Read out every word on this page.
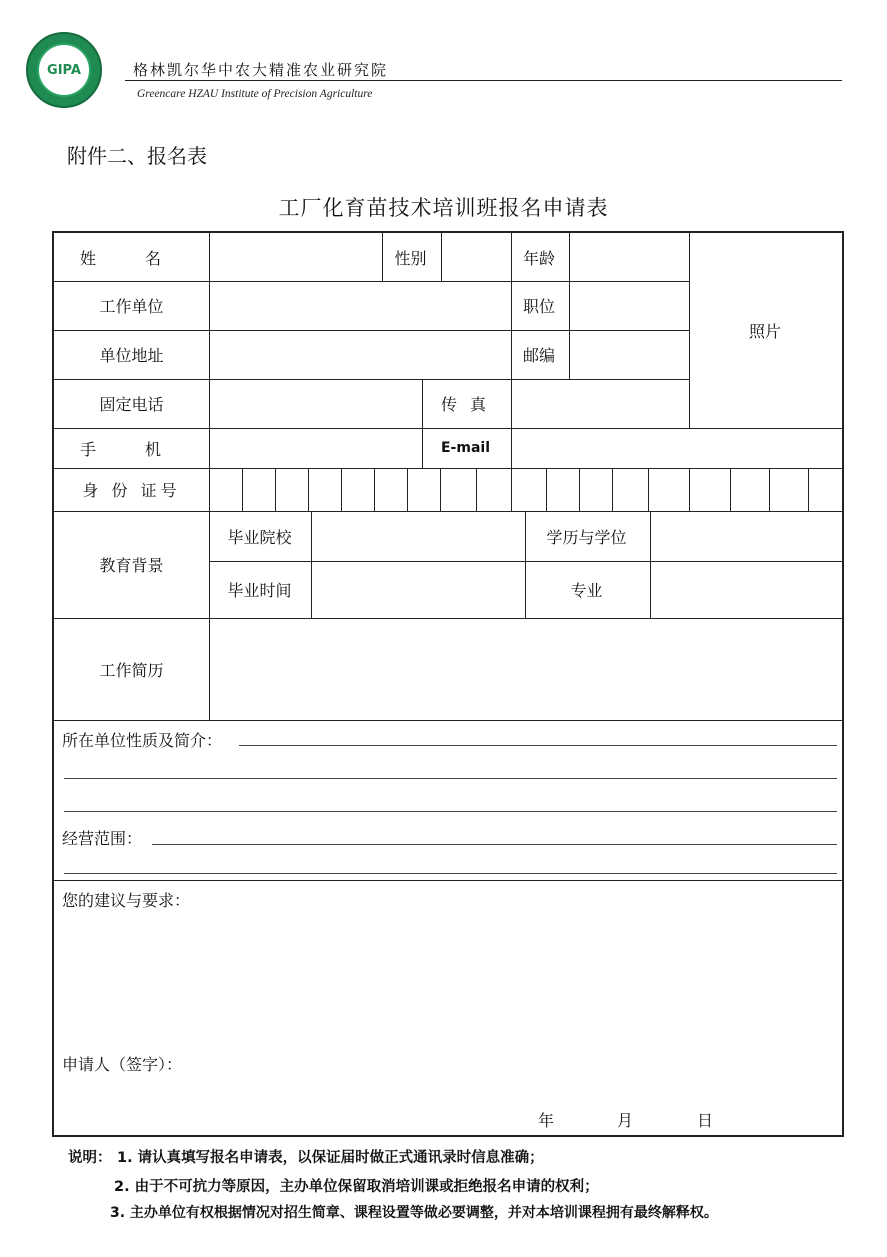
GIPA	格林凯尔华中农大精准农业研究院
Greencare HZAU Institute of Precision Agriculture
附件二、报名表
工厂化育苗技术培训班报名申请表
姓 名	性别	年龄
照片
工作单位	职位
单位地址	邮编
固定电话	传 真
手 机	E-mail
身 份 证号
教育背景
毕业院校	学历与学位
毕业时间	专业
工作简历
所在单位性质及简介：
经营范围：
您的建议与要求：
申请人（签字）：
年	月	日
说明： 1. 请认真填写报名申请表，以保证届时做正式通讯录时信息准确；
2. 由于不可抗力等原因，主办单位保留取消培训课或拒绝报名申请的权利；
3. 主办单位有权根据情况对招生简章、课程设置等做必要调整，并对本培训课程拥有最终解释权。
